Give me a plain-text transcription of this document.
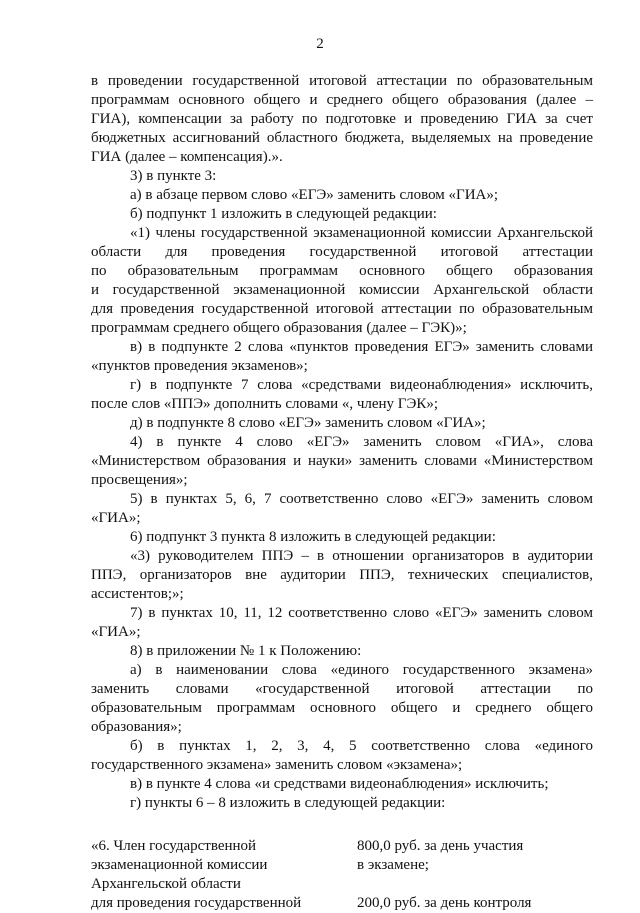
2

в проведении государственной итоговой аттестации по образовательным
программам основного общего и среднего общего образования (далее –
ГИА), компенсации за работу по подготовке и проведению ГИА за счет
бюджетных ассигнований областного бюджета, выделяемых на проведение
ГИА (далее – компенсация).».

3) в пункте 3:

а) в абзаце первом слово «ЕГЭ» заменить словом «ГИА»;

б) подпункт 1 изложить в следующей редакции:

«1) члены государственной экзаменационной комиссии Архангельской
области для проведения государственной итоговой аттестации
по образовательным программам основного общего образования
и государственной экзаменационной комиссии Архангельской области
для проведения государственной итоговой аттестации по образовательным
программам среднего общего образования (далее – ГЭК)»;

в) в подпункте 2 слова «пунктов проведения ЕГЭ» заменить словами
«пунктов проведения экзаменов»;

г) в подпункте 7 слова «средствами видеонаблюдения» исключить,
после слов «ППЭ» дополнить словами «, члену ГЭК»;

д) в подпункте 8 слово «ЕГЭ» заменить словом «ГИА»;

4) в пункте 4 слово «ЕГЭ» заменить словом «ГИА», слова
«Министерством образования и науки» заменить словами «Министерством
просвещения»;

5) в пунктах 5, 6, 7 соответственно слово «ЕГЭ» заменить словом
«ГИА»;

6) подпункт 3 пункта 8 изложить в следующей редакции:

«3) руководителем ППЭ – в отношении организаторов в аудитории
ППЭ, организаторов вне аудитории ППЭ, технических специалистов,
ассистентов;»;

7) в пунктах 10, 11, 12 соответственно слово «ЕГЭ» заменить словом
«ГИА»;

8) в приложении № 1 к Положению:

а) в наименовании слова «единого государственного экзамена»
заменить словами «государственной итоговой аттестации по
образовательным программам основного общего и среднего общего
образования»;

б) в пунктах 1, 2, 3, 4, 5 соответственно слова «единого
государственного экзамена» заменить словом «экзамена»;

в) в пункте 4 слова «и средствами видеонаблюдения» исключить;

г) пункты 6 – 8 изложить в следующей редакции:

«6. Член государственной
экзаменационной комиссии
Архангельской области
800,0 руб. за день участия
в экзамене;
для проведения государственной	200,0 руб. за день контроля
